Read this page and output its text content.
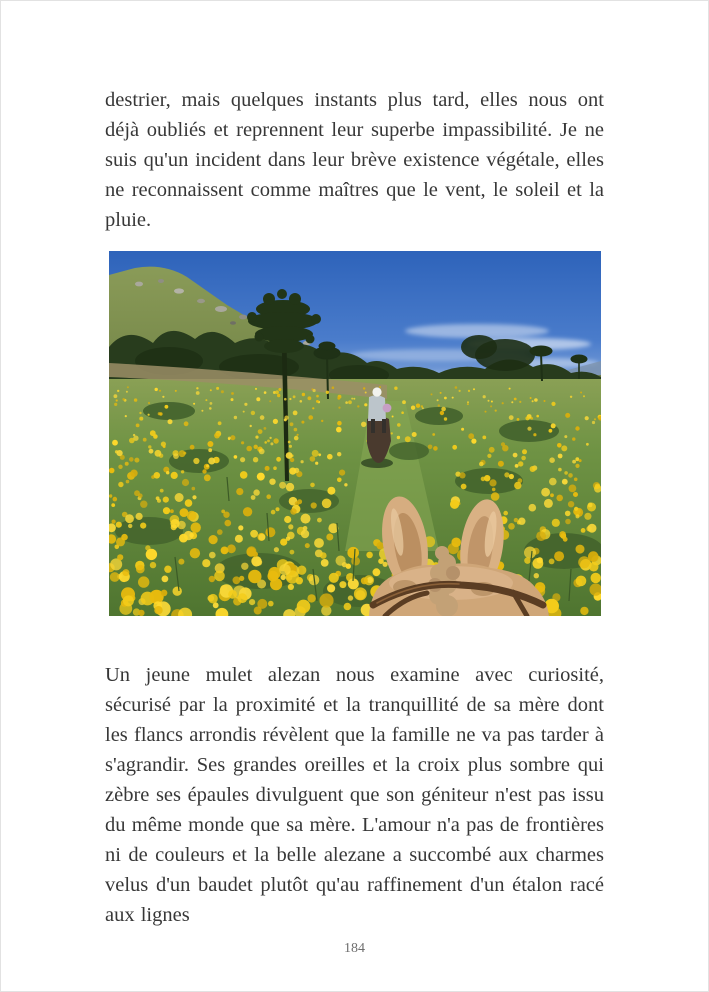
destrier, mais quelques instants plus tard, elles nous ont déjà oubliés et reprennent leur superbe impassibilité. Je ne suis qu'un incident dans leur brève existence végétale, elles ne reconnaissent comme maîtres que le vent, le soleil et la pluie.

Un jeune mulet alezan nous examine avec curiosité, sécurisé par la proximité et la tranquillité de sa mère dont les flancs arrondis révèlent que la famille ne va pas tarder à s'agrandir. Ses grandes oreilles et la croix plus sombre qui zèbre ses épaules divulguent que son géniteur n'est pas issu du même monde que sa mère. L'amour n'a pas de frontières ni de couleurs et la belle alezane a succombé aux charmes velus d'un baudet plutôt qu'au raffinement d'un étalon racé aux lignes

184
